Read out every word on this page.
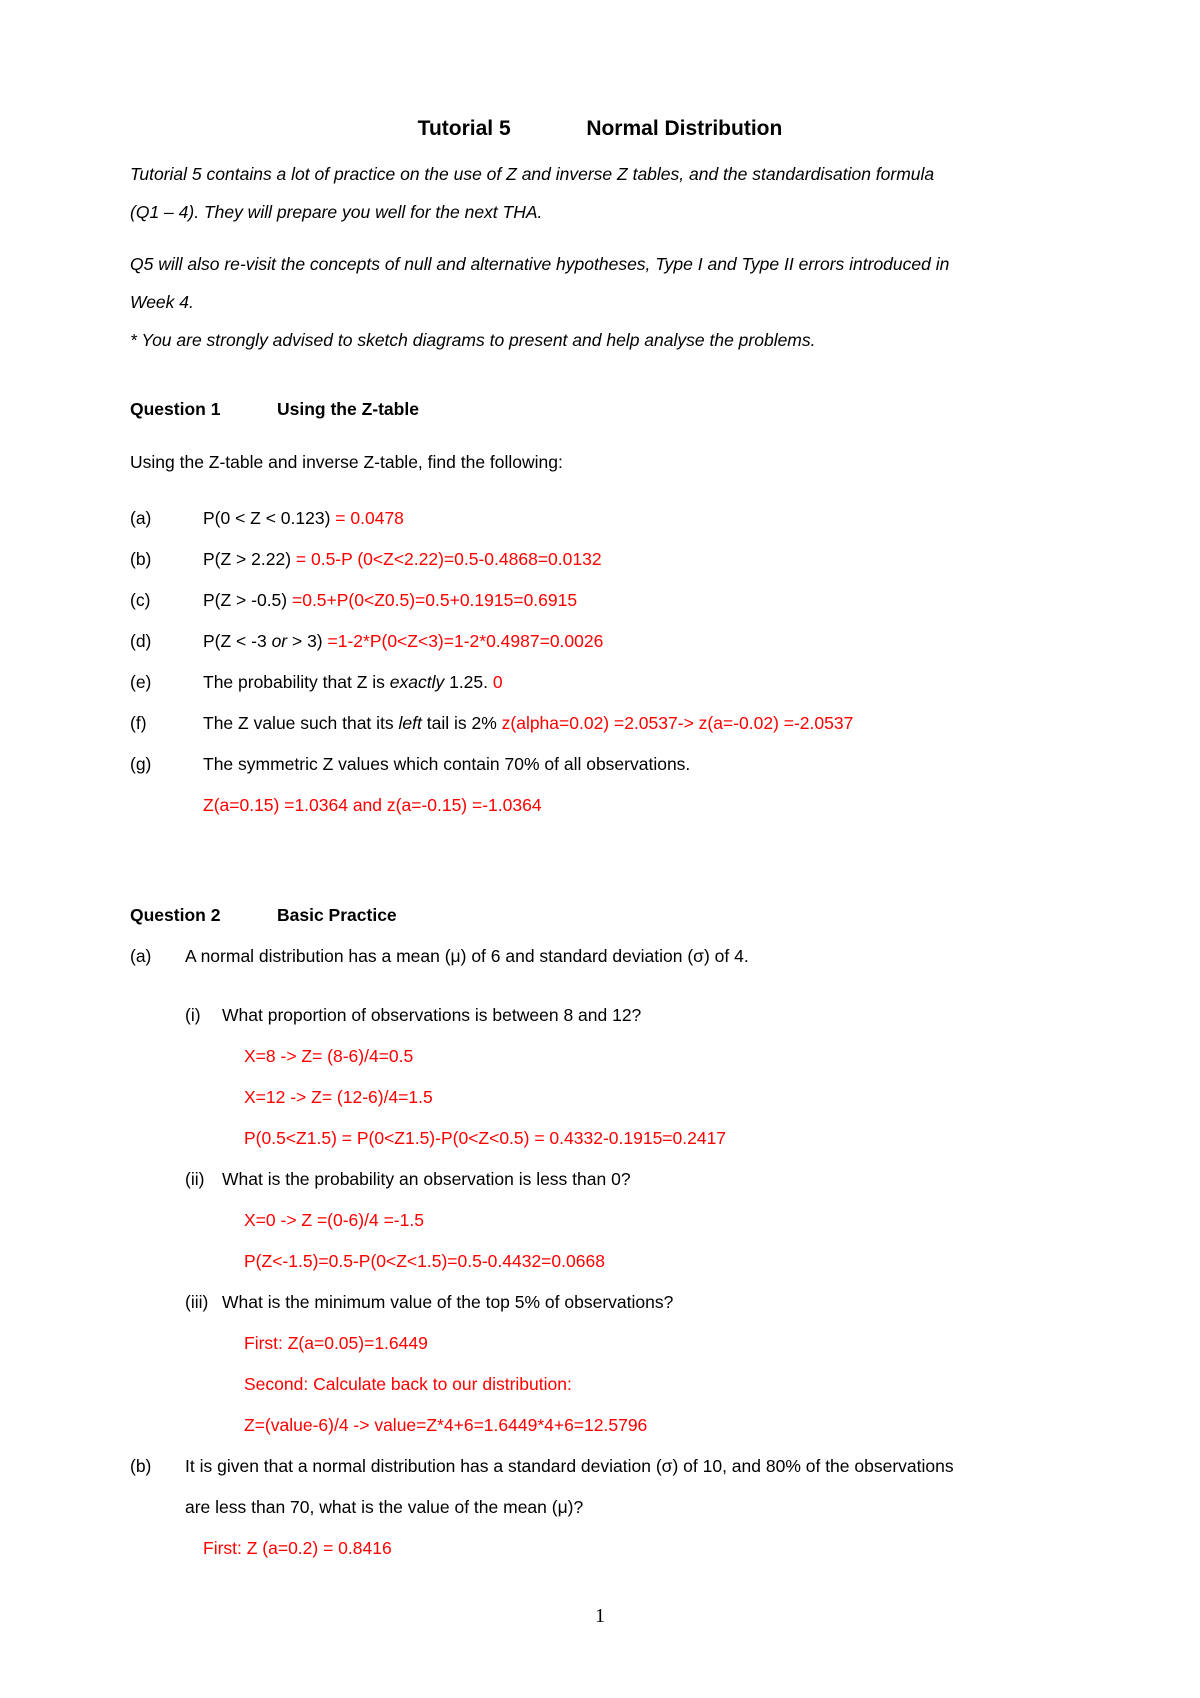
Tutorial 5	Normal Distribution
Tutorial 5 contains a lot of practice on the use of Z and inverse Z tables, and the standardisation formula
(Q1 – 4). They will prepare you well for the next THA.
Q5 will also re-visit the concepts of null and alternative hypotheses, Type I and Type II errors introduced in
Week 4.
* You are strongly advised to sketch diagrams to present and help analyse the problems.
Question 1	Using the Z-table
Using the Z-table and inverse Z-table, find the following:
(a)	P(0 < Z < 0.123) = 0.0478
(b)	P(Z > 2.22) = 0.5-P (0<Z<2.22)=0.5-0.4868=0.0132
(c)	P(Z > -0.5) =0.5+P(0<Z0.5)=0.5+0.1915=0.6915
(d)	P(Z < -3 or > 3) =1-2*P(0<Z<3)=1-2*0.4987=0.0026
(e)	The probability that Z is exactly 1.25. 0
(f)	The Z value such that its left tail is 2% z(alpha=0.02) =2.0537-> z(a=-0.02) =-2.0537
(g)	The symmetric Z values which contain 70% of all observations.
Z(a=0.15) =1.0364 and z(a=-0.15) =-1.0364
Question 2	Basic Practice
(a) A normal distribution has a mean (μ) of 6 and standard deviation (σ) of 4.
(i) What proportion of observations is between 8 and 12?
X=8 -> Z= (8-6)/4=0.5
X=12 -> Z= (12-6)/4=1.5
P(0.5<Z1.5) = P(0<Z1.5)-P(0<Z<0.5) = 0.4332-0.1915=0.2417
(ii) What is the probability an observation is less than 0?
X=0 -> Z =(0-6)/4 =-1.5
P(Z<-1.5)=0.5-P(0<Z<1.5)=0.5-0.4432=0.0668
(iii) What is the minimum value of the top 5% of observations?
First: Z(a=0.05)=1.6449
Second: Calculate back to our distribution:
Z=(value-6)/4 -> value=Z*4+6=1.6449*4+6=12.5796
(b) It is given that a normal distribution has a standard deviation (σ) of 10, and 80% of the observations
are less than 70, what is the value of the mean (μ)?
First: Z (a=0.2) = 0.8416
1
